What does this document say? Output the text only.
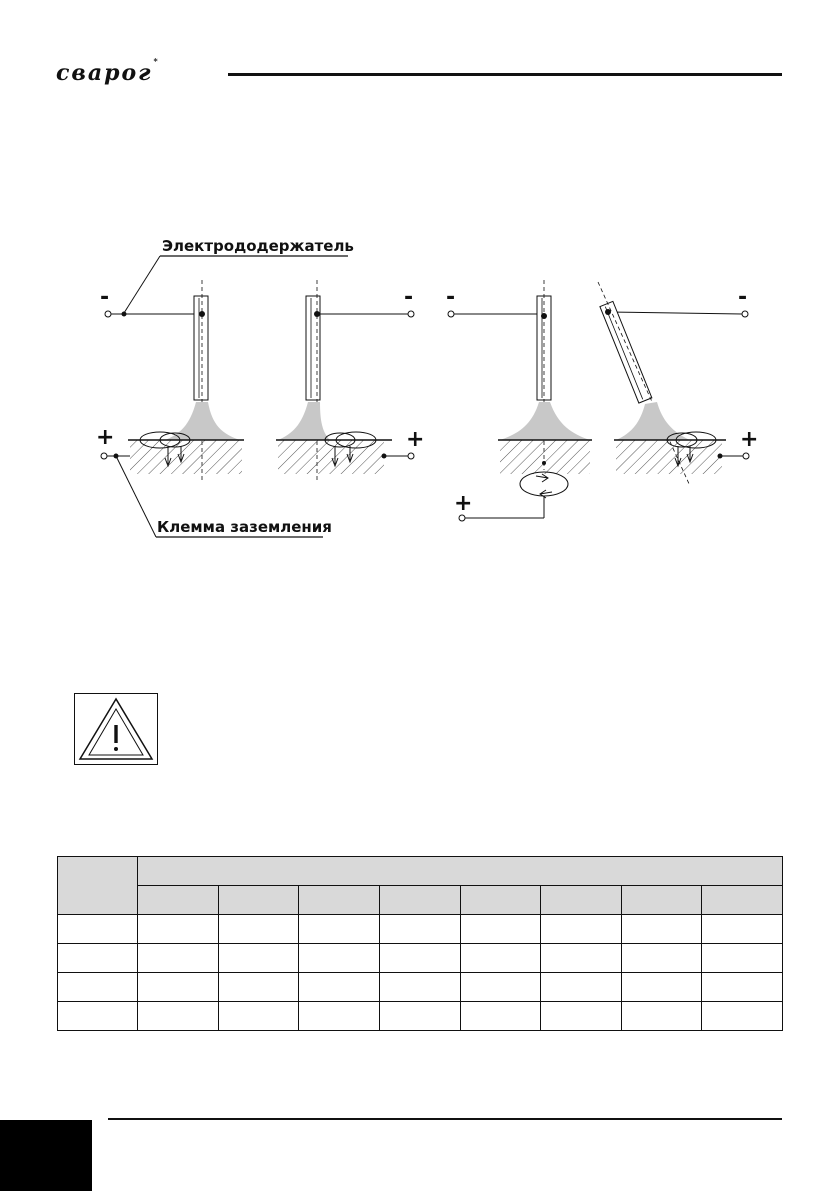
сварог*
Электрододержатель
-
+
Клемма заземления
-
+
-
+
-
+
